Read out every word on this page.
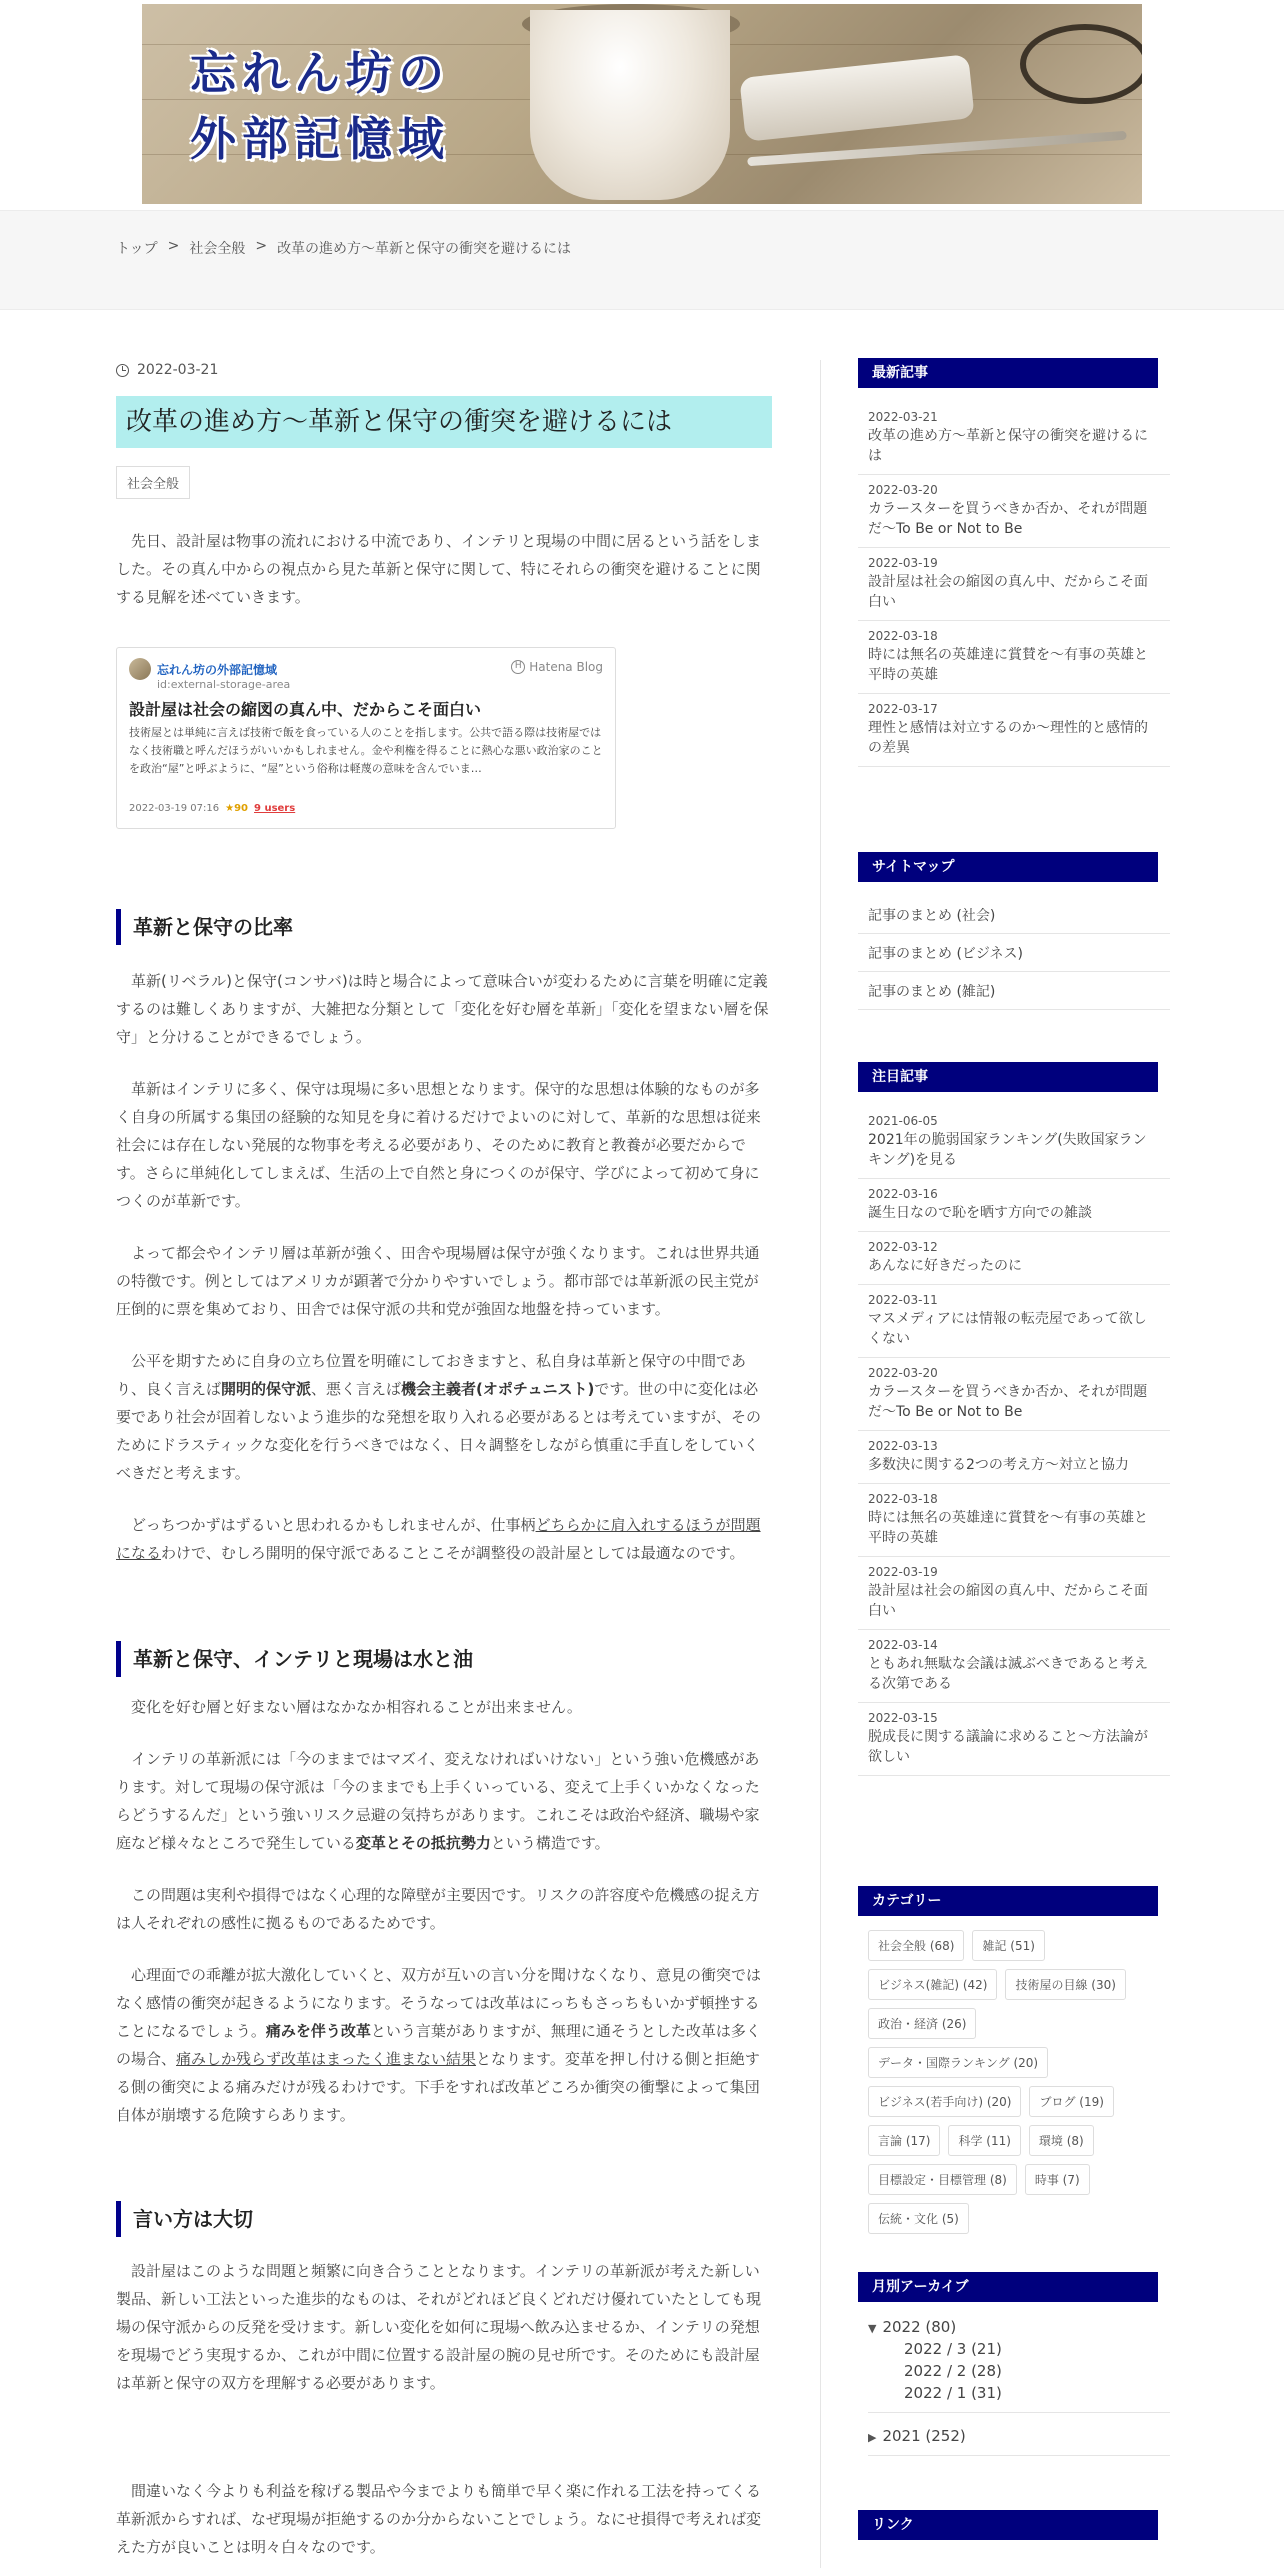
忘れん坊の
外部記憶域
トップ > 社会全般 > 改革の進め方〜革新と保守の衝突を避けるには
2022-03-21
改革の進め方〜革新と保守の衝突を避けるには
社会全般

先日、設計屋は物事の流れにおける中流であり、インテリと現場の中間に居るという話をしました。その真ん中からの視点から見た革新と保守に関して、特にそれらの衝突を避けることに関する見解を述べていきます。

忘れん坊の外部記憶域
id:external-storage-area
H Hatena Blog
設計屋は社会の縮図の真ん中、だからこそ面白い
技術屋とは単純に言えば技術で飯を食っている人のことを指します。公共で語る際は技術屋ではなく技術職と呼んだほうがいいかもしれません。金や利権を得ることに熱心な悪い政治家のことを政治“屋”と呼ぶように、“屋”という俗称は軽蔑の意味を含んでいま…
2022-03-19 07:16 ★90 9 users
革新と保守の比率

革新(リベラル)と保守(コンサバ)は時と場合によって意味合いが変わるために言葉を明確に定義するのは難しくありますが、大雑把な分類として「変化を好む層を革新」「変化を望まない層を保守」と分けることができるでしょう。

革新はインテリに多く、保守は現場に多い思想となります。保守的な思想は体験的なものが多く自身の所属する集団の経験的な知見を身に着けるだけでよいのに対して、革新的な思想は従来社会には存在しない発展的な物事を考える必要があり、そのために教育と教養が必要だからです。さらに単純化してしまえば、生活の上で自然と身につくのが保守、学びによって初めて身につくのが革新です。

よって都会やインテリ層は革新が強く、田舎や現場層は保守が強くなります。これは世界共通の特徴です。例としてはアメリカが顕著で分かりやすいでしょう。都市部では革新派の民主党が圧倒的に票を集めており、田舎では保守派の共和党が強固な地盤を持っています。

公平を期すために自身の立ち位置を明確にしておきますと、私自身は革新と保守の中間であり、良く言えば開明的保守派、悪く言えば機会主義者(オポチュニスト)です。世の中に変化は必要であり社会が固着しないよう進歩的な発想を取り入れる必要があるとは考えていますが、そのためにドラスティックな変化を行うべきではなく、日々調整をしながら慎重に手直しをしていくべきだと考えます。

どっちつかずはずるいと思われるかもしれませんが、仕事柄どちらかに肩入れするほうが問題になるわけで、むしろ開明的保守派であることこそが調整役の設計屋としては最適なのです。

革新と保守、インテリと現場は水と油

変化を好む層と好まない層はなかなか相容れることが出来ません。

インテリの革新派には「今のままではマズイ、変えなければいけない」という強い危機感があります。対して現場の保守派は「今のままでも上手くいっている、変えて上手くいかなくなったらどうするんだ」という強いリスク忌避の気持ちがあります。これこそは政治や経済、職場や家庭など様々なところで発生している変革とその抵抗勢力という構造です。

この問題は実利や損得ではなく心理的な障壁が主要因です。リスクの許容度や危機感の捉え方は人それぞれの感性に拠るものであるためです。

心理面での乖離が拡大激化していくと、双方が互いの言い分を聞けなくなり、意見の衝突ではなく感情の衝突が起きるようになります。そうなっては改革はにっちもさっちもいかず頓挫することになるでしょう。痛みを伴う改革という言葉がありますが、無理に通そうとした改革は多くの場合、痛みしか残らず改革はまったく進まない結果となります。変革を押し付ける側と拒絶する側の衝突による痛みだけが残るわけです。下手をすれば改革どころか衝突の衝撃によって集団自体が崩壊する危険すらあります。

言い方は大切

設計屋はこのような問題と頻繁に向き合うこととなります。インテリの革新派が考えた新しい製品、新しい工法といった進歩的なものは、それがどれほど良くどれだけ優れていたとしても現場の保守派からの反発を受けます。新しい変化を如何に現場へ飲み込ませるか、インテリの発想を現場でどう実現するか、これが中間に位置する設計屋の腕の見せ所です。そのためにも設計屋は革新と保守の双方を理解する必要があります。

間違いなく今よりも利益を稼げる製品や今までよりも簡単で早く楽に作れる工法を持ってくる革新派からすれば、なぜ現場が拒絶するのか分からないことでしょう。なにせ損得で考えれば変えた方が良いことは明々白々なのです。

最新記事
2022-03-21
改革の進め方〜革新と保守の衝突を避けるには
2022-03-20
カラースターを買うべきか否か、それが問題だ〜To Be or Not to Be
2022-03-19
設計屋は社会の縮図の真ん中、だからこそ面白い
2022-03-18
時には無名の英雄達に賞賛を〜有事の英雄と平時の英雄
2022-03-17
理性と感情は対立するのか〜理性的と感情的の差異
サイトマップ
記事のまとめ (社会)
記事のまとめ (ビジネス)
記事のまとめ (雑記)
注目記事
2021-06-05
2021年の脆弱国家ランキング(失敗国家ランキング)を見る
2022-03-16
誕生日なので恥を晒す方向での雑談
2022-03-12
あんなに好きだったのに
2022-03-11
マスメディアには情報の転売屋であって欲しくない
2022-03-20
カラースターを買うべきか否か、それが問題だ〜To Be or Not to Be
2022-03-13
多数決に関する2つの考え方〜対立と協力
2022-03-18
時には無名の英雄達に賞賛を〜有事の英雄と平時の英雄
2022-03-19
設計屋は社会の縮図の真ん中、だからこそ面白い
2022-03-14
ともあれ無駄な会議は滅ぶべきであると考える次第である
2022-03-15
脱成長に関する議論に求めること〜方法論が欲しい
カテゴリー
社会全般 (68)	雑記 (51)
ビジネス(雑記) (42)	技術屋の目線 (30)
政治・経済 (26)
データ・国際ランキング (20)
ビジネス(若手向け) (20)	ブログ (19)
言論 (17)	科学 (11)	環境 (8)
目標設定・目標管理 (8)	時事 (7)
伝統・文化 (5)
月別アーカイブ
▼ 2022 (80)
2022 / 3 (21)
2022 / 2 (28)
2022 / 1 (31)
▶ 2021 (252)
リンク
